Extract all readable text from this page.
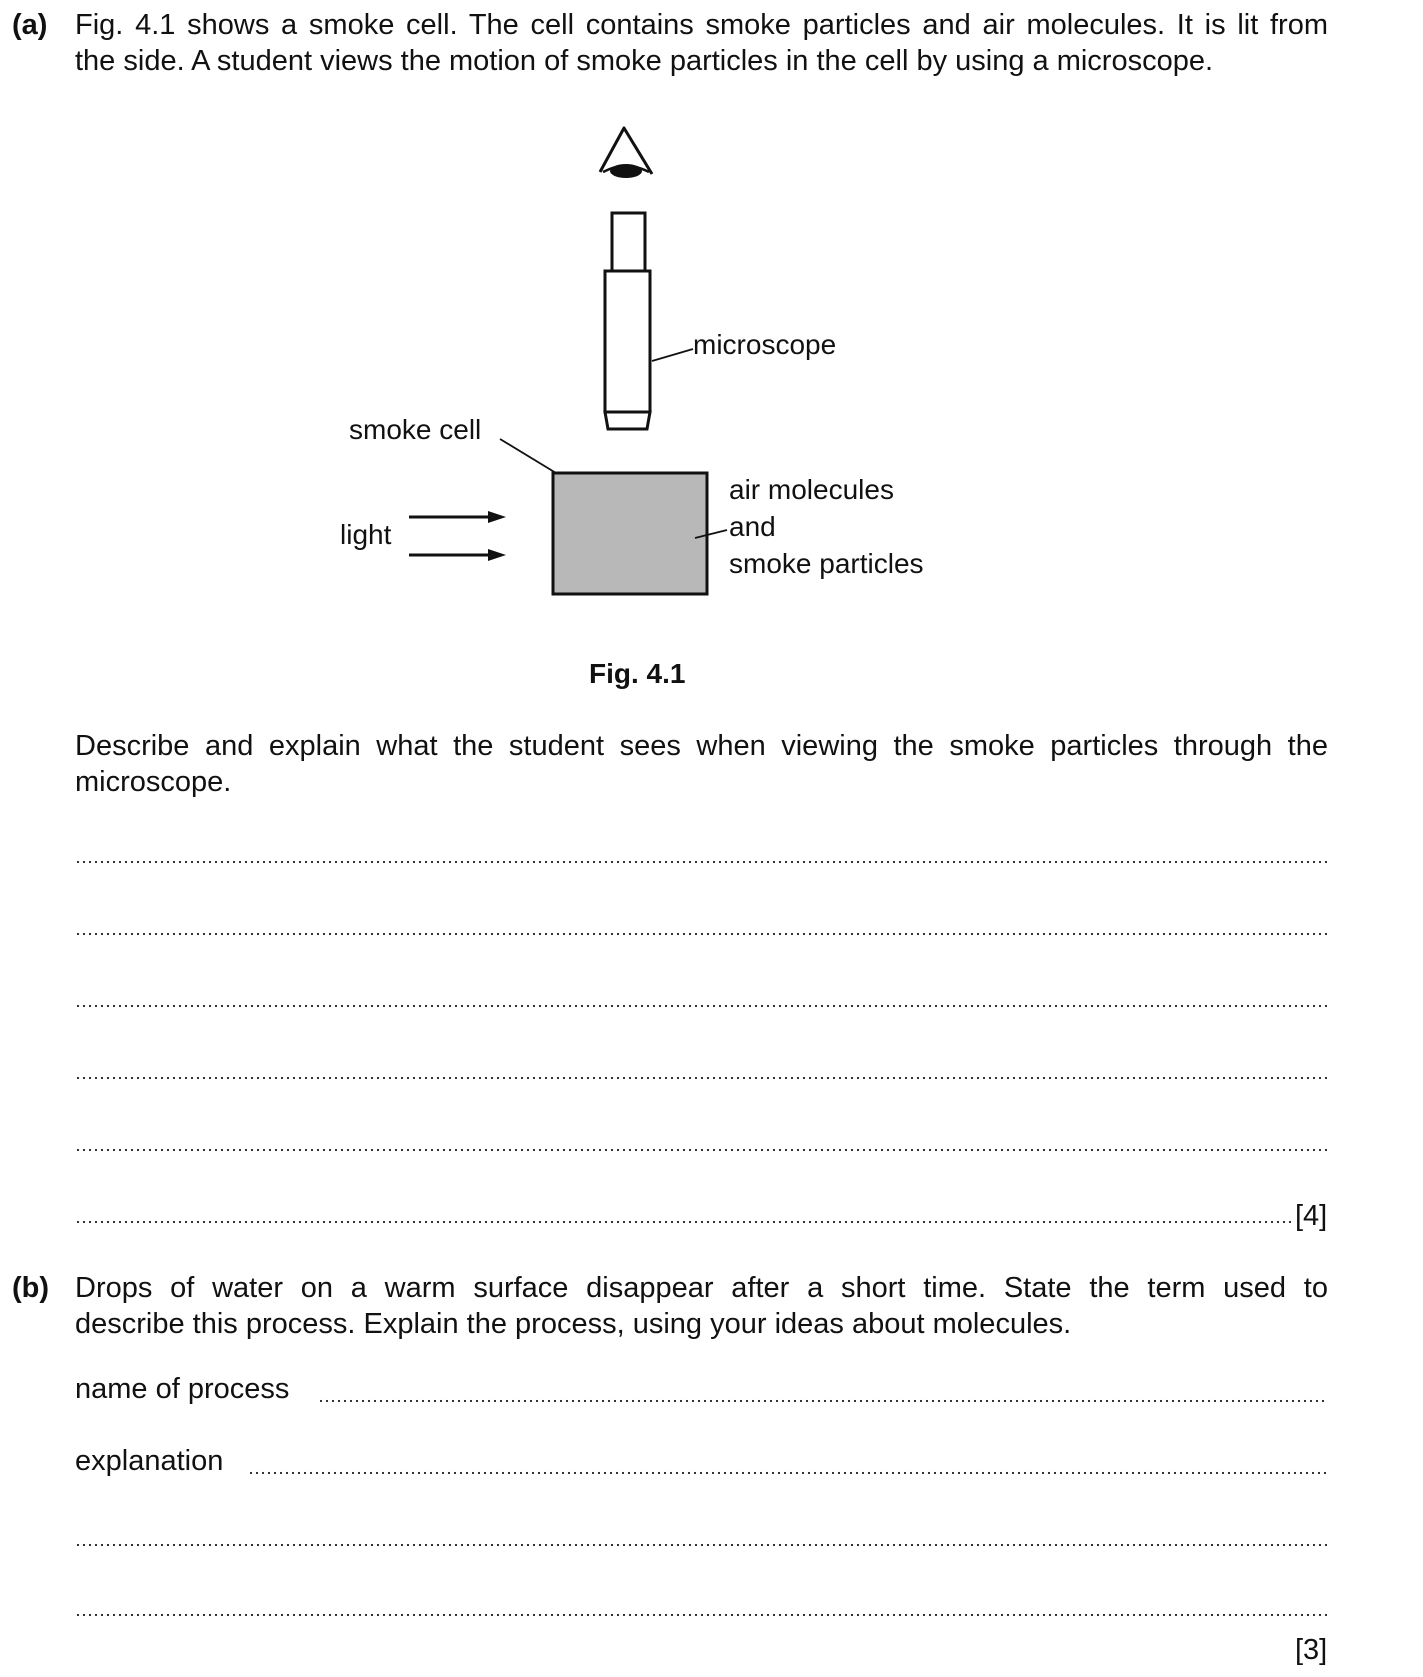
(a) Fig. 4.1 shows a smoke cell. The cell contains smoke particles and air molecules. It is lit from
the side. A student views the motion of smoke particles in the cell by using a microscope.
microscope
smoke cell
light
air molecules
and
smoke particles
Fig. 4.1
Describe and explain what the student sees when viewing the smoke particles through the
microscope.
[4]
(b) Drops of water on a warm surface disappear after a short time. State the term used to
describe this process. Explain the process, using your ideas about molecules.
name of process
explanation
[3]
